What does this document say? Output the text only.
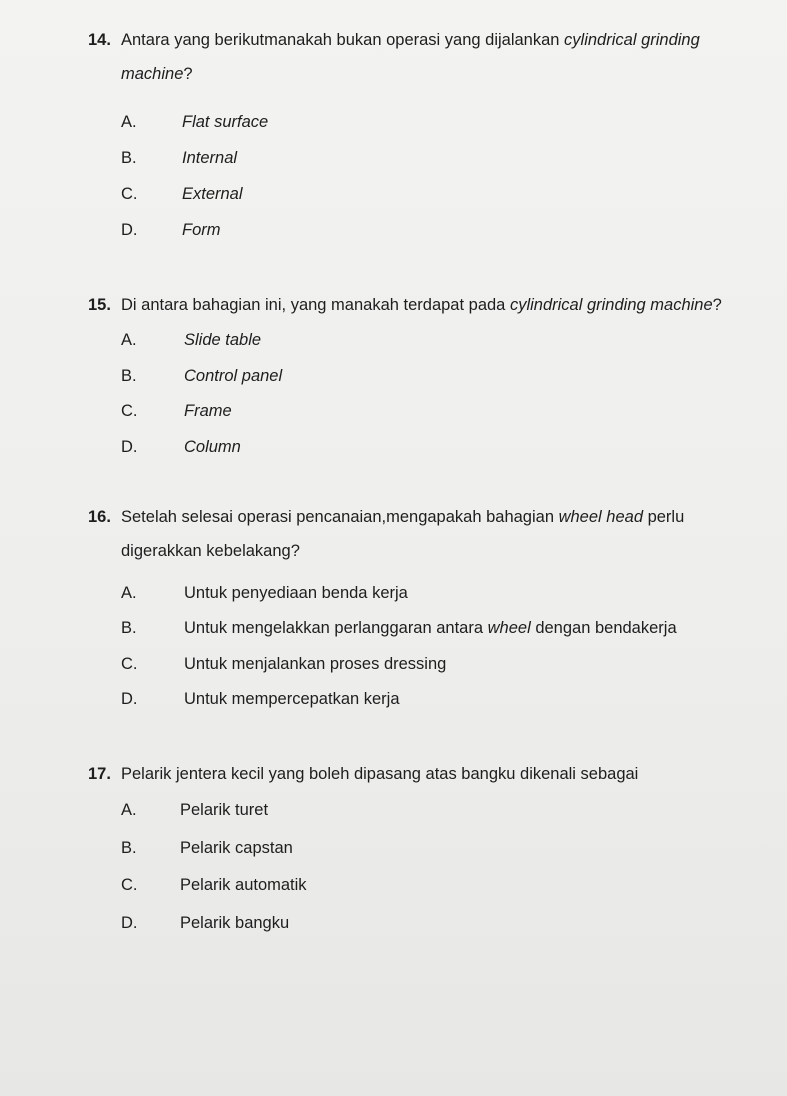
14. Antara yang berikutmanakah bukan operasi yang dijalankan cylindrical grinding machine?
A.	Flat surface
B.	Internal
C.	External
D.	Form
15. Di antara bahagian ini, yang manakah terdapat pada cylindrical grinding machine?
A.	Slide table
B.	Control panel
C.	Frame
D.	Column
16. Setelah selesai operasi pencanaian,mengapakah bahagian wheel head perlu digerakkan kebelakang?
A.	Untuk penyediaan benda kerja
B.	Untuk mengelakkan perlanggaran antara wheel dengan bendakerja
C.	Untuk menjalankan proses dressing
D.	Untuk mempercepatkan kerja
17. Pelarik jentera kecil yang boleh dipasang atas bangku dikenali sebagai
A.	Pelarik turet
B.	Pelarik capstan
C.	Pelarik automatik
D.	Pelarik bangku
